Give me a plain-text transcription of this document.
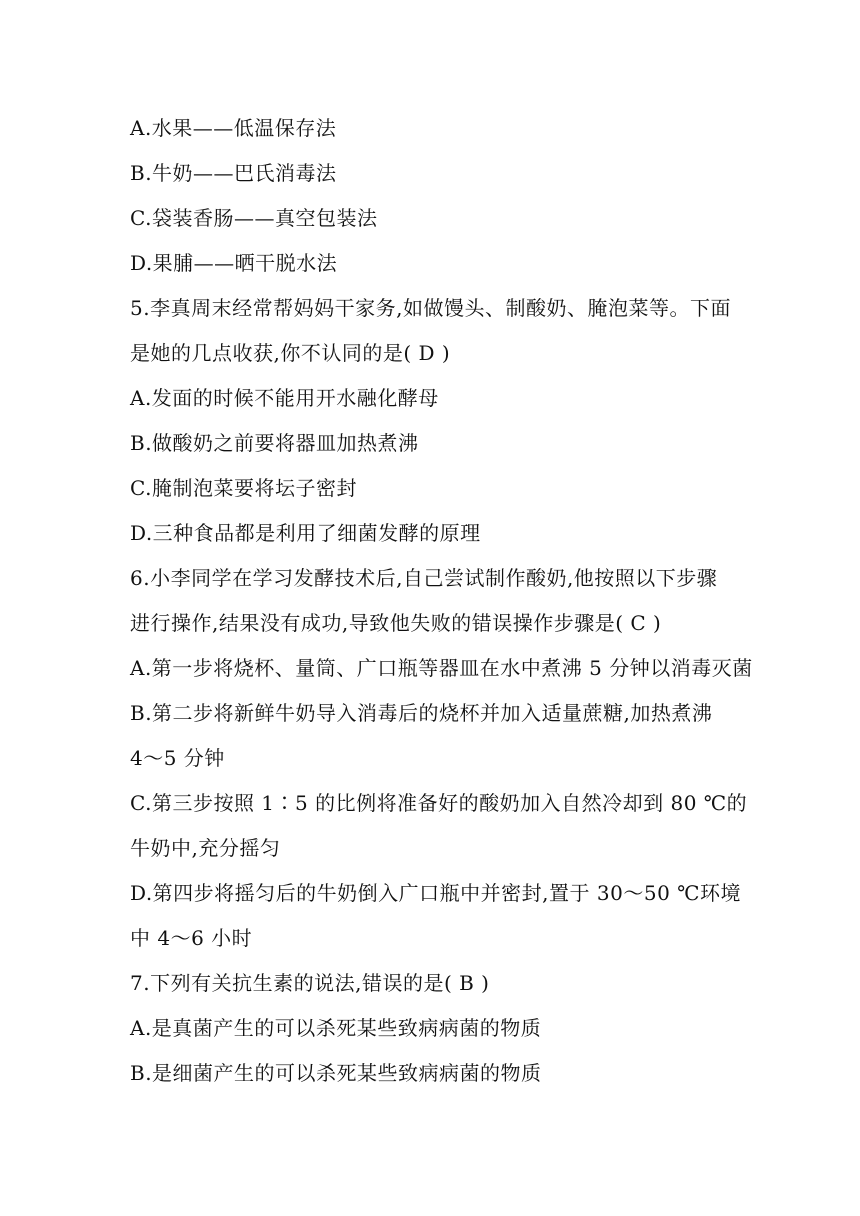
A.水果——低温保存法
B.牛奶——巴氏消毒法
C.袋装香肠——真空包装法
D.果脯——晒干脱水法
5.李真周末经常帮妈妈干家务,如做馒头、制酸奶、腌泡菜等。下面
是她的几点收获,你不认同的是( D )
A.发面的时候不能用开水融化酵母
B.做酸奶之前要将器皿加热煮沸
C.腌制泡菜要将坛子密封
D.三种食品都是利用了细菌发酵的原理
6.小李同学在学习发酵技术后,自己尝试制作酸奶,他按照以下步骤
进行操作,结果没有成功,导致他失败的错误操作步骤是( C )
A.第一步将烧杯、量筒、广口瓶等器皿在水中煮沸 5 分钟以消毒灭菌
B.第二步将新鲜牛奶导入消毒后的烧杯并加入适量蔗糖,加热煮沸
4～5 分钟
C.第三步按照 1∶5 的比例将准备好的酸奶加入自然冷却到 80 ℃的
牛奶中,充分摇匀
D.第四步将摇匀后的牛奶倒入广口瓶中并密封,置于 30～50 ℃环境
中 4～6 小时
7.下列有关抗生素的说法,错误的是( B )
A.是真菌产生的可以杀死某些致病病菌的物质
B.是细菌产生的可以杀死某些致病病菌的物质
